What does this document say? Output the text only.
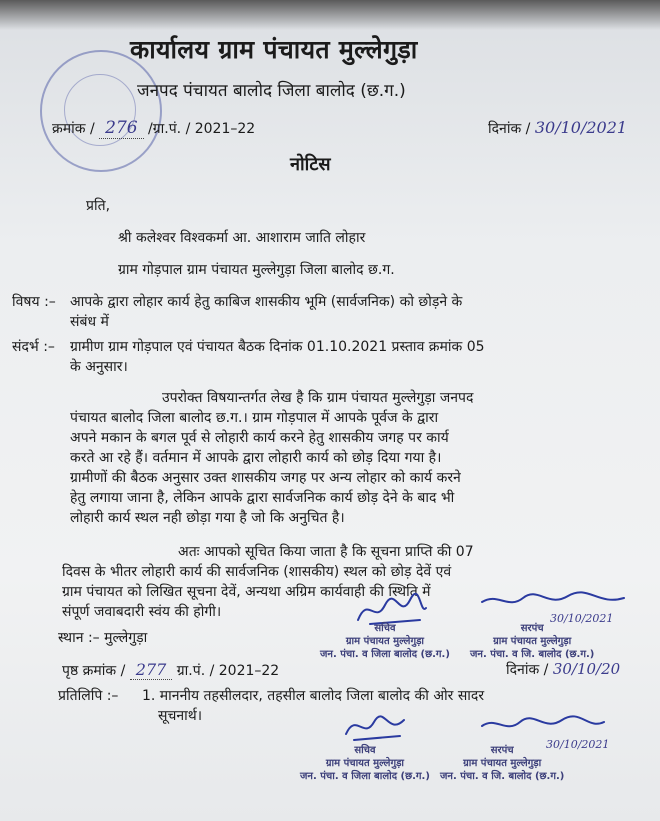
कार्यालय ग्राम पंचायत मुल्लेगुड़ा
जनपद पंचायत बालोद जिला बालोद (छ.ग.)
क्रमांक / 276 /ग्रा.पं. / 2021–22	दिनांक / 30/10/2021
नोटिस
प्रति,
श्री कलेश्वर विश्वकर्मा आ. आशाराम जाति लोहार
ग्राम गोड़पाल ग्राम पंचायत मुल्लेगुड़ा जिला बालोद छ.ग.
विषय :– आपके द्वारा लोहार कार्य हेतु काबिज शासकीय भूमि (सार्वजनिक) को छोड़ने के
संबंध में
संदर्भ :– ग्रामीण ग्राम गोड़पाल एवं पंचायत बैठक दिनांक 01.10.2021 प्रस्ताव क्रमांक 05
के अनुसार।
उपरोक्त विषयान्तर्गत लेख है कि ग्राम पंचायत मुल्लेगुड़ा जनपद
पंचायत बालोद जिला बालोद छ.ग.। ग्राम गोड़पाल में आपके पूर्वज के द्वारा
अपने मकान के बगल पूर्व से लोहारी कार्य करने हेतु शासकीय जगह पर कार्य
करते आ रहे हैं। वर्तमान में आपके द्वारा लोहारी कार्य को छोड़ दिया गया है।
ग्रामीणों की बैठक अनुसार उक्त शासकीय जगह पर अन्य लोहार को कार्य करने
हेतु लगाया जाना है, लेकिन आपके द्वारा सार्वजनिक कार्य छोड़ देने के बाद भी
लोहारी कार्य स्थल नही छोड़ा गया है जो कि अनुचित है।
अतः आपको सूचित किया जाता है कि सूचना प्राप्ति की 07
दिवस के भीतर लोहारी कार्य की सार्वजनिक (शासकीय) स्थल को छोड़ देवें एवं
ग्राम पंचायत को लिखित सूचना देवें, अन्यथा अग्रिम कार्यवाही की स्थिति में
संपूर्ण जवाबदारी स्वंय की होगी।
स्थान :– मुल्लेगुड़ा
सचिव
ग्राम पंचायत मुल्लेगुड़ा
जन. पंचा. व जिला बालोद (छ.ग.)
30/10/2021
सरपंच
ग्राम पंचायत मुल्लेगुड़ा
जन. पंचा. व जि. बालोद (छ.ग.)
पृष्ठ क्रमांक / 277 ग्रा.पं. / 2021–22	दिनांक / 30/10/20
प्रतिलिपि :– 1. माननीय तहसीलदार, तहसील बालोद जिला बालोद की ओर सादर
सूचनार्थ।
सचिव
ग्राम पंचायत मुल्लेगुड़ा
जन. पंचा. व जिला बालोद (छ.ग.)
30/10/2021
सरपंच
ग्राम पंचायत मुल्लेगुड़ा
जन. पंचा. व जि. बालोद (छ.ग.)
